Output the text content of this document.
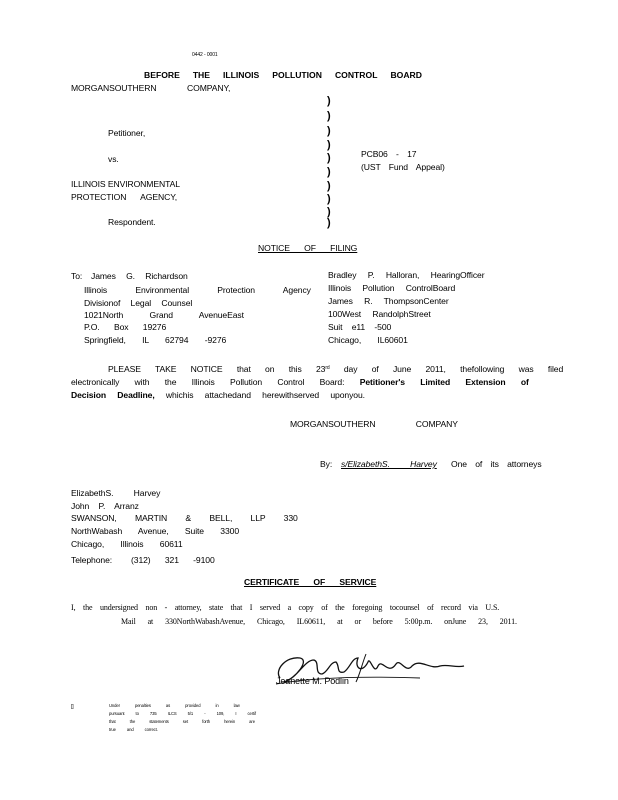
0442 - 0001
BEFORE THE ILLINOIS POLLUTION CONTROL BOARD
MORGANSOUTHERN	COMPANY,
)
)
)
)
)
)
)
)
)
)
Petitioner,
vs.	PCB06 - 17
(UST Fund Appeal)
ILLINOIS ENVIRONMENTAL
PROTECTION AGENCY,
Respondent.
NOTICE OF FILING
To: James G. Richardson
Illinois Environmental Protection Agency
Divisionof Legal Counsel
1021North Grand AvenueEast
P.O. Box 19276
Springfield, IL 62794 -9276
Bradley P. Halloran, HearingOfficer
Illinois Pollution ControlBoard
James R. ThompsonCenter
100West RandolphStreet
Suit e11 -500
Chicago, IL60601
PLEASE TAKE NOTICE that on this 23rd day of June 2011, thefollowing was filed
electronically with the Illinois Pollution Control Board: Petitioner's Limited Extension of
Decision Deadline, whichis attachedand herewithserved uponyou.
MORGANSOUTHERN COMPANY
By: s/ElizabethS. Harvey One of its attorneys
ElizabethS. Harvey
John P. Arranz
SWANSON, MARTIN & BELL, LLP 330
NorthWabash Avenue, Suite 3300
Chicago, Illinois 60611
Telephone: (312) 321 -9100
CERTIFICATE OF SERVICE
I, the undersigned non - attorney, state that I served a copy of the foregoing tocounsel of record via U.S.
Mail at 330NorthWabashAvenue, Chicago, IL60611, at or before 5:00p.m. onJune 23, 2011.
Jeanette M. Podlin
[]	Under penalties as provided in law
pursuant to 735 ILCS 5/1 - 109, I certif
that the statements set forth herein are
true and correct.
